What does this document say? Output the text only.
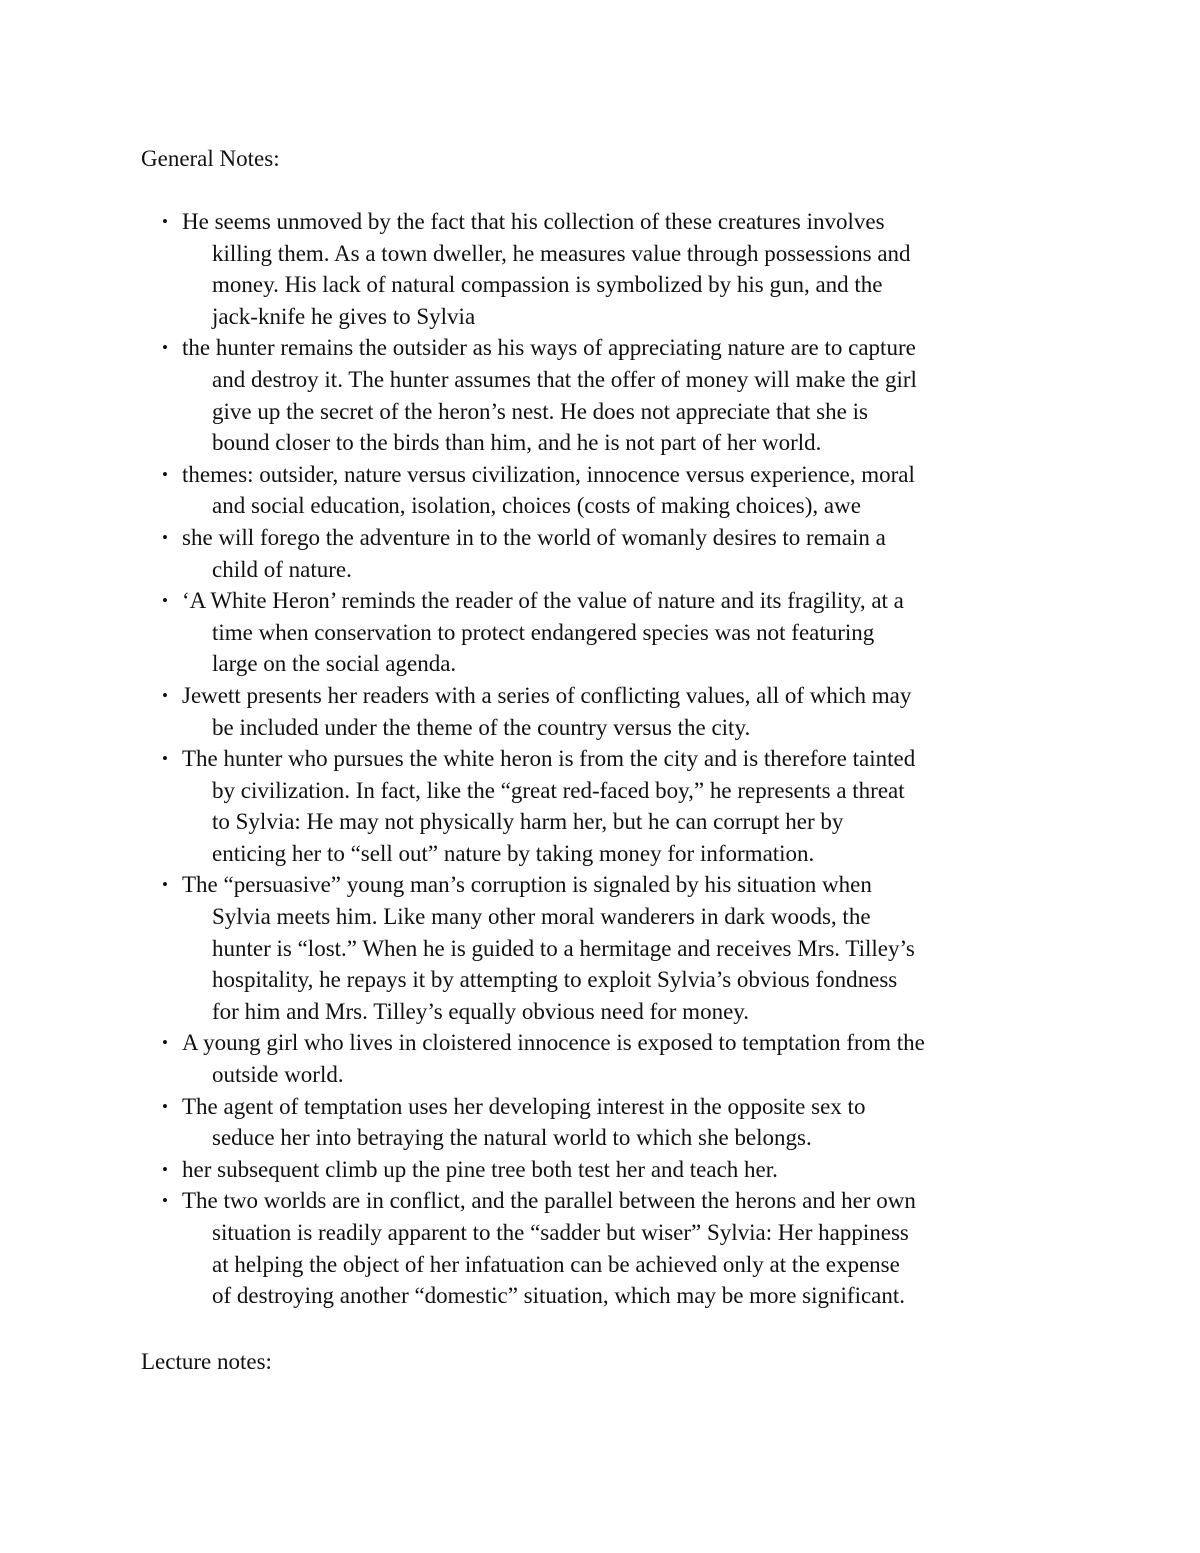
General Notes:
• He seems unmoved by the fact that his collection of these creatures involves
killing them. As a town dweller, he measures value through possessions and
money. His lack of natural compassion is symbolized by his gun, and the
jack-knife he gives to Sylvia
• the hunter remains the outsider as his ways of appreciating nature are to capture
and destroy it. The hunter assumes that the offer of money will make the girl
give up the secret of the heron’s nest. He does not appreciate that she is
bound closer to the birds than him, and he is not part of her world.
• themes: outsider, nature versus civilization, innocence versus experience, moral
and social education, isolation, choices (costs of making choices), awe
• she will forego the adventure in to the world of womanly desires to remain a
child of nature.
• ‘A White Heron’ reminds the reader of the value of nature and its fragility, at a
time when conservation to protect endangered species was not featuring
large on the social agenda.
• Jewett presents her readers with a series of conflicting values, all of which may
be included under the theme of the country versus the city.
• The hunter who pursues the white heron is from the city and is therefore tainted
by civilization. In fact, like the “great red-faced boy,” he represents a threat
to Sylvia: He may not physically harm her, but he can corrupt her by
enticing her to “sell out” nature by taking money for information.
• The “persuasive” young man’s corruption is signaled by his situation when
Sylvia meets him. Like many other moral wanderers in dark woods, the
hunter is “lost.” When he is guided to a hermitage and receives Mrs. Tilley’s
hospitality, he repays it by attempting to exploit Sylvia’s obvious fondness
for him and Mrs. Tilley’s equally obvious need for money.
• A young girl who lives in cloistered innocence is exposed to temptation from the
outside world.
• The agent of temptation uses her developing interest in the opposite sex to
seduce her into betraying the natural world to which she belongs.
• her subsequent climb up the pine tree both test her and teach her.
• The two worlds are in conflict, and the parallel between the herons and her own
situation is readily apparent to the “sadder but wiser” Sylvia: Her happiness
at helping the object of her infatuation can be achieved only at the expense
of destroying another “domestic” situation, which may be more significant.
Lecture notes:
